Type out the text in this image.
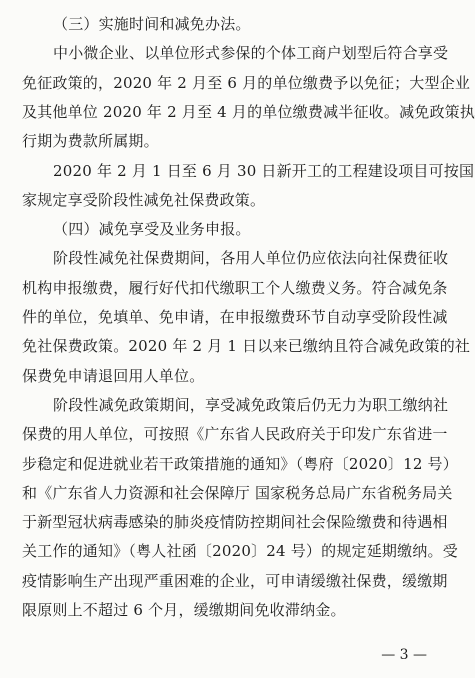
（三）实施时间和减免办法。
中小微企业、以单位形式参保的个体工商户划型后符合享受
免征政策的，2020 年 2 月至 6 月的单位缴费予以免征；大型企业
及其他单位 2020 年 2 月至 4 月的单位缴费减半征收。减免政策执
行期为费款所属期。
2020 年 2 月 1 日至 6 月 30 日新开工的工程建设项目可按国
家规定享受阶段性减免社保费政策。
（四）减免享受及业务申报。
阶段性减免社保费期间，各用人单位仍应依法向社保费征收
机构申报缴费，履行好代扣代缴职工个人缴费义务。符合减免条
件的单位，免填单、免申请，在申报缴费环节自动享受阶段性减
免社保费政策。2020 年 2 月 1 日以来已缴纳且符合减免政策的社
保费免申请退回用人单位。
阶段性减免政策期间，享受减免政策后仍无力为职工缴纳社
保费的用人单位，可按照《广东省人民政府关于印发广东省进一
步稳定和促进就业若干政策措施的通知》（粤府〔2020〕12 号）
和《广东省人力资源和社会保障厅 国家税务总局广东省税务局关
于新型冠状病毒感染的肺炎疫情防控期间社会保险缴费和待遇相
关工作的通知》（粤人社函〔2020〕24 号）的规定延期缴纳。受
疫情影响生产出现严重困难的企业，可申请缓缴社保费，缓缴期
限原则上不超过 6 个月，缓缴期间免收滞纳金。
— 3 —
